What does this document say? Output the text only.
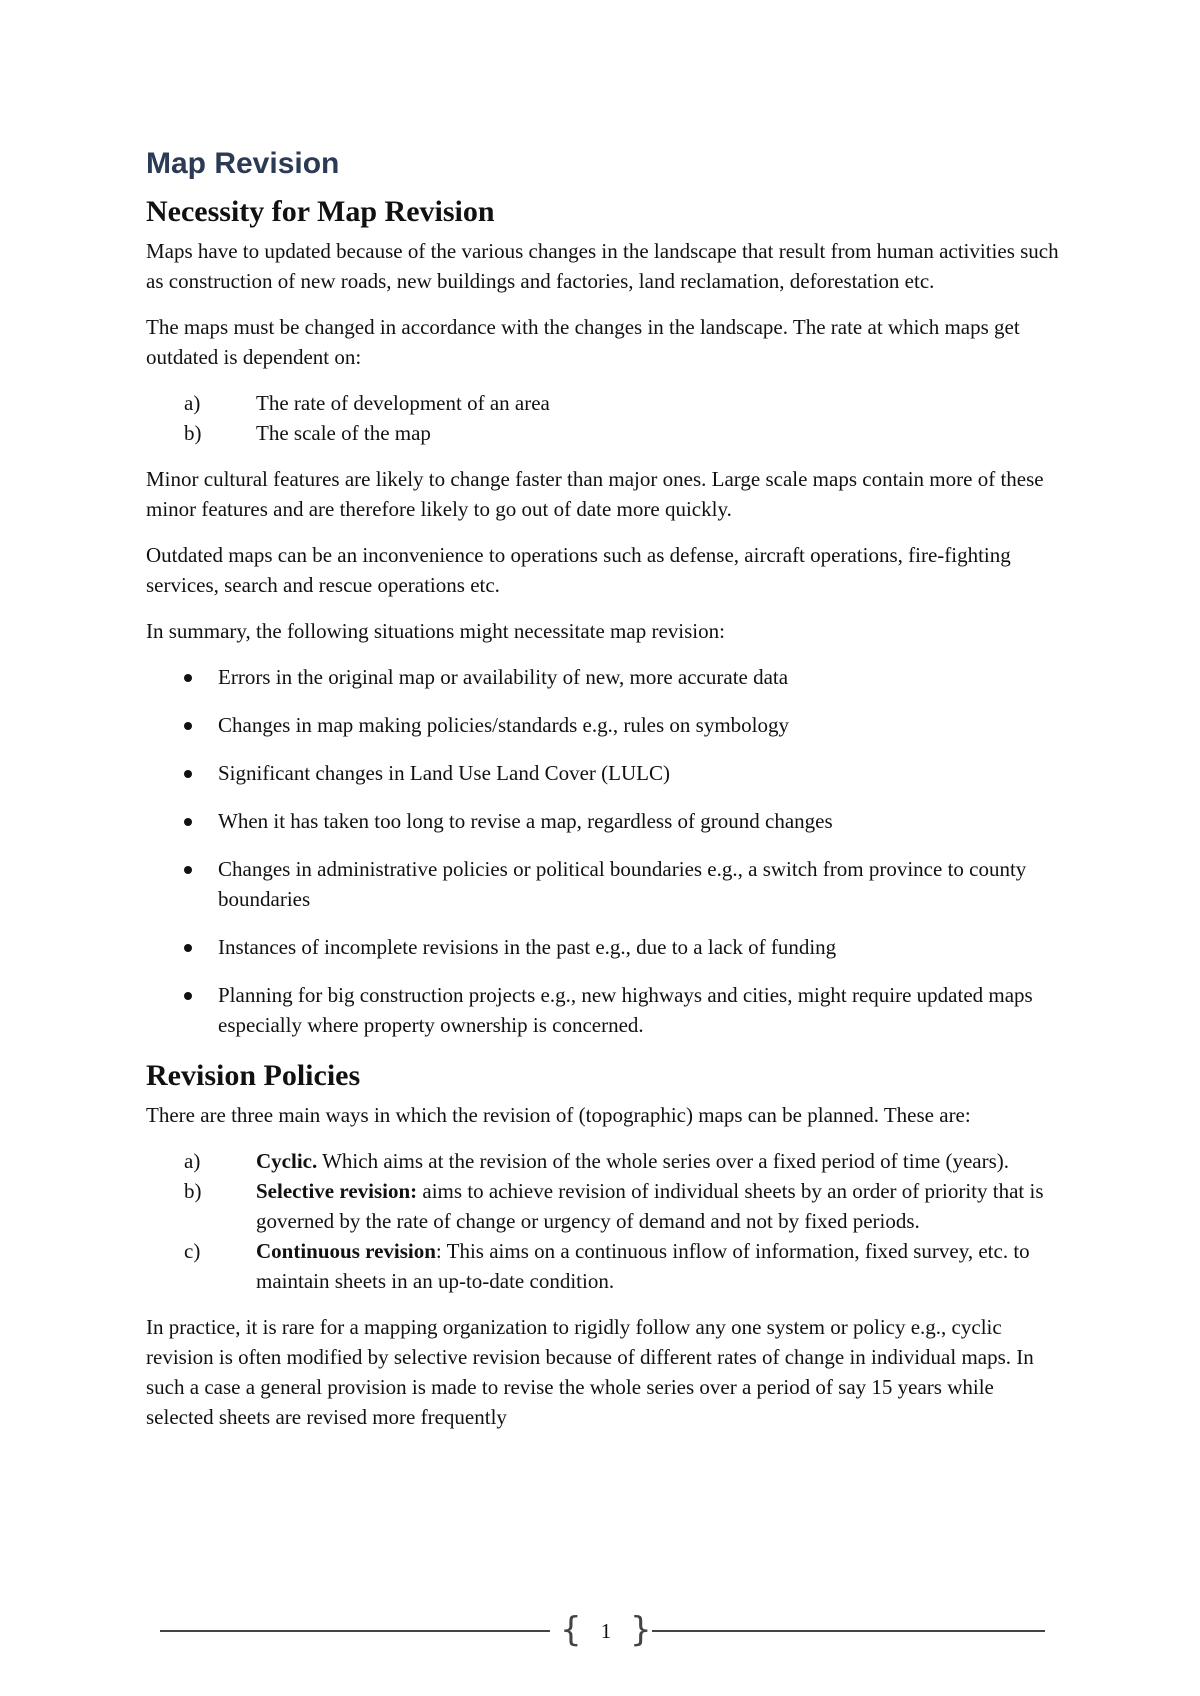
Map Revision
Necessity for Map Revision

Maps have to updated because of the various changes in the landscape that result from human activities such as construction of new roads, new buildings and factories, land reclamation, deforestation etc.

The maps must be changed in accordance with the changes in the landscape. The rate at which maps get outdated is dependent on:

a)	The rate of development of an area
b)	The scale of the map

Minor cultural features are likely to change faster than major ones. Large scale maps contain more of these minor features and are therefore likely to go out of date more quickly.

Outdated maps can be an inconvenience to operations such as defense, aircraft operations, fire-fighting services, search and rescue operations etc.

In summary, the following situations might necessitate map revision:

Errors in the original map or availability of new, more accurate data
Changes in map making policies/standards e.g., rules on symbology
Significant changes in Land Use Land Cover (LULC)
When it has taken too long to revise a map, regardless of ground changes
Changes in administrative policies or political boundaries e.g., a switch from province to county boundaries
Instances of incomplete revisions in the past e.g., due to a lack of funding
Planning for big construction projects e.g., new highways and cities, might require updated maps especially where property ownership is concerned.
Revision Policies

There are three main ways in which the revision of (topographic) maps can be planned. These are:

a)	Cyclic. Which aims at the revision of the whole series over a fixed period of time (years).
b)	Selective revision: aims to achieve revision of individual sheets by an order of priority that is governed by the rate of change or urgency of demand and not by fixed periods.
c)	Continuous revision: This aims on a continuous inflow of information, fixed survey, etc. to maintain sheets in an up-to-date condition.

In practice, it is rare for a mapping organization to rigidly follow any one system or policy e.g., cyclic revision is often modified by selective revision because of different rates of change in individual maps. In such a case a general provision is made to revise the whole series over a period of say 15 years while selected sheets are revised more frequently

{ 1 }
